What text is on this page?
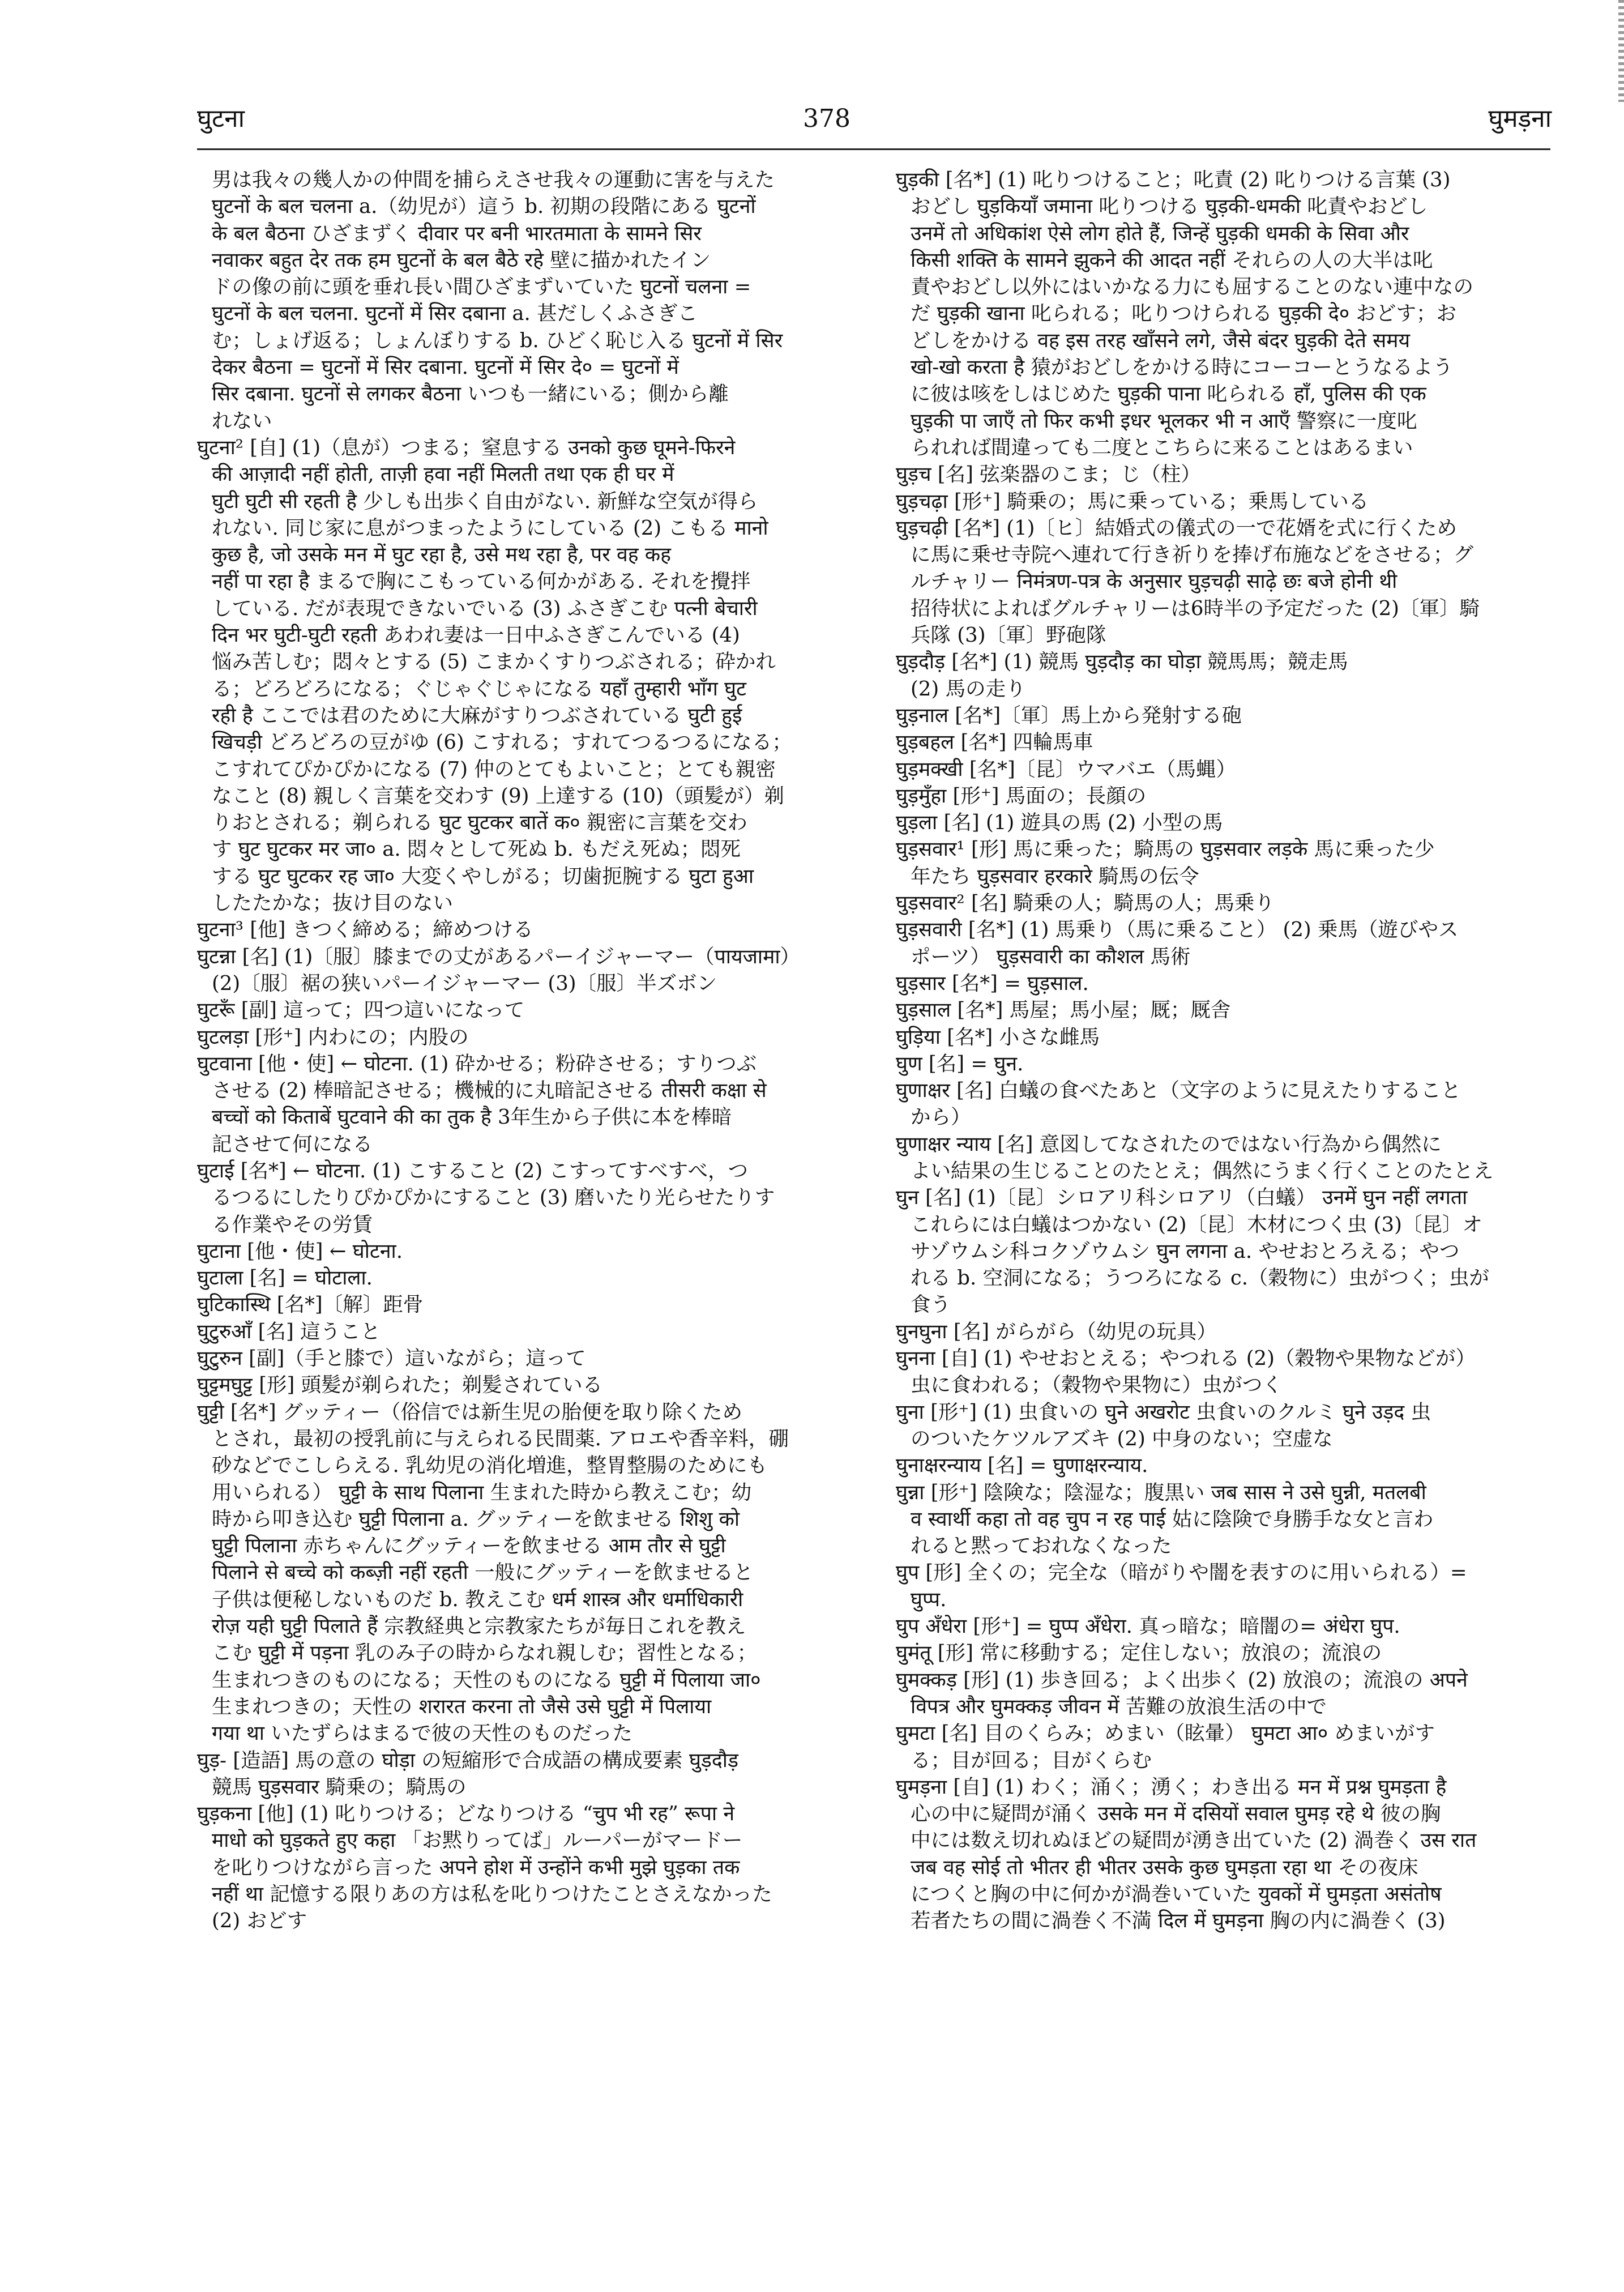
घुटना	378	घुमड़ना
男は我々の幾人かの仲間を捕らえさせ我々の運動に害を与えた
घुटनों के बल चलना a.（幼児が）這う b. 初期の段階にある घुटनों
के बल बैठना ひざまずく दीवार पर बनी भारतमाता के सामने सिर
नवाकर बहुत देर तक हम घुटनों के बल बैठे रहे 壁に描かれたイン
ドの像の前に頭を垂れ長い間ひざまずいていた घुटनों चलना =
घुटनों के बल चलना. घुटनों में सिर दबाना a. 甚だしくふさぎこ
む；しょげ返る；しょんぼりする b. ひどく恥じ入る घुटनों में सिर
देकर बैठना = घुटनों में सिर दबाना. घुटनों में सिर दे० = घुटनों में
सिर दबाना. घुटनों से लगकर बैठना いつも一緒にいる；側から離
れない
घुटना² [自] (1)（息が）つまる；窒息する उनको कुछ घूमने-फिरने
की आज़ादी नहीं होती, ताज़ी हवा नहीं मिलती तथा एक ही घर में
घुटी घुटी सी रहती है 少しも出歩く自由がない. 新鮮な空気が得ら
れない. 同じ家に息がつまったようにしている (2) こもる मानो
कुछ है, जो उसके मन में घुट रहा है, उसे मथ रहा है, पर वह कह
नहीं पा रहा है まるで胸にこもっている何かがある. それを攪拌
している. だが表現できないでいる (3) ふさぎこむ पत्नी बेचारी
दिन भर घुटी-घुटी रहती あわれ妻は一日中ふさぎこんでいる (4)
悩み苦しむ；悶々とする (5) こまかくすりつぶされる；砕かれ
る；どろどろになる；ぐじゃぐじゃになる यहाँ तुम्हारी भाँग घुट
रही है ここでは君のために大麻がすりつぶされている घुटी हुई
खिचड़ी どろどろの豆がゆ (6) こすれる；すれてつるつるになる；
こすれてぴかぴかになる (7) 仲のとてもよいこと；とても親密
なこと (8) 親しく言葉を交わす (9) 上達する (10)（頭髪が）剃
りおとされる；剃られる घुट घुटकर बातें क० 親密に言葉を交わ
す घुट घुटकर मर जा० a. 悶々として死ぬ b. もだえ死ぬ；悶死
する घुट घुटकर रह जा० 大変くやしがる；切歯扼腕する घुटा हुआ
したたかな；抜け目のない
घुटना³ [他] きつく締める；締めつける
घुटन्ना [名] (1)〔服〕膝までの丈があるパーイジャーマー（पायजामा）
(2)〔服〕裾の狭いパーイジャーマー (3)〔服〕半ズボン
घुटरूँ [副] 這って；四つ這いになって
घुटलड़ा [形⁺] 内わにの；内股の
घुटवाना [他・使] ← घोटना. (1) 砕かせる；粉砕させる；すりつぶ
させる (2) 棒暗記させる；機械的に丸暗記させる तीसरी कक्षा से
बच्चों को किताबें घुटवाने की का तुक है 3年生から子供に本を棒暗
記させて何になる
घुटाई [名*] ← घोटना. (1) こすること (2) こすってすべすべ，つ
るつるにしたりぴかぴかにすること (3) 磨いたり光らせたりす
る作業やその労賃
घुटाना [他・使] ← घोटना.
घुटाला [名] = घोटाला.
घुटिकास्थि [名*]〔解〕距骨
घुटुरुआँ [名] 這うこと
घुटुरुन [副]（手と膝で）這いながら；這って
घुट्टमघुट्ट [形] 頭髪が剃られた；剃髪されている
घुट्टी [名*] グッティー（俗信では新生児の胎便を取り除くため
とされ，最初の授乳前に与えられる民間薬. アロエや香辛料，硼
砂などでこしらえる. 乳幼児の消化増進，整胃整腸のためにも
用いられる） घुट्टी के साथ पिलाना 生まれた時から教えこむ；幼
時から叩き込む घुट्टी पिलाना a. グッティーを飲ませる शिशु को
घुट्टी पिलाना 赤ちゃんにグッティーを飲ませる आम तौर से घुट्टी
पिलाने से बच्चे को कब्ज़ी नहीं रहती 一般にグッティーを飲ませると
子供は便秘しないものだ b. 教えこむ धर्म शास्त्र और धर्माधिकारी
रोज़ यही घुट्टी पिलाते हैं 宗教経典と宗教家たちが毎日これを教え
こむ घुट्टी में पड़ना 乳のみ子の時からなれ親しむ；習性となる；
生まれつきのものになる；天性のものになる घुट्टी में पिलाया जा०
生まれつきの；天性の शरारत करना तो जैसे उसे घुट्टी में पिलाया
गया था いたずらはまるで彼の天性のものだった
घुड़- [造語] 馬の意の घोड़ा の短縮形で合成語の構成要素 घुड़दौड़
競馬 घुड़सवार 騎乗の；騎馬の
घुड़कना [他] (1) 叱りつける；どなりつける “चुप भी रह” रूपा ने
माधो को घुड़कते हुए कहा 「お黙りってば」ルーパーがマードー
を叱りつけながら言った अपने होश में उन्होंने कभी मुझे घुड़का तक
नहीं था 記憶する限りあの方は私を叱りつけたことさえなかった
(2) おどす
घुड़की [名*] (1) 叱りつけること；叱責 (2) 叱りつける言葉 (3)
おどし घुड़कियाँ जमाना 叱りつける घुड़की-धमकी 叱責やおどし
उनमें तो अधिकांश ऐसे लोग होते हैं, जिन्हें घुड़की धमकी के सिवा और
किसी शक्ति के सामने झुकने की आदत नहीं それらの人の大半は叱
責やおどし以外にはいかなる力にも屈することのない連中なの
だ घुड़की खाना 叱られる；叱りつけられる घुड़की दे० おどす；お
どしをかける वह इस तरह खाँसने लगे, जैसे बंदर घुड़की देते समय
खो-खो करता है 猿がおどしをかける時にコーコーとうなるよう
に彼は咳をしはじめた घुड़की पाना 叱られる हाँ, पुलिस की एक
घुड़की पा जाएँ तो फिर कभी इधर भूलकर भी न आएँ 警察に一度叱
られれば間違っても二度とこちらに来ることはあるまい
घुड़च [名] 弦楽器のこま；じ（柱）
घुड़चढ़ा [形⁺] 騎乗の；馬に乗っている；乗馬している
घुड़चढ़ी [名*] (1)〔ヒ〕結婚式の儀式の一で花婿を式に行くため
に馬に乗せ寺院へ連れて行き祈りを捧げ布施などをさせる；グ
ルチャリー निमंत्रण-पत्र के अनुसार घुड़चढ़ी साढ़े छः बजे होनी थी
招待状によればグルチャリーは6時半の予定だった (2)〔軍〕騎
兵隊 (3)〔軍〕野砲隊
घुड़दौड़ [名*] (1) 競馬 घुड़दौड़ का घोड़ा 競馬馬；競走馬
(2) 馬の走り
घुड़नाल [名*]〔軍〕馬上から発射する砲
घुड़बहल [名*] 四輪馬車
घुड़मक्खी [名*]〔昆〕ウマバエ（馬蝿）
घुड़मुँहा [形⁺] 馬面の；長顔の
घुड़ला [名] (1) 遊具の馬 (2) 小型の馬
घुड़सवार¹ [形] 馬に乗った；騎馬の घुड़सवार लड़के 馬に乗った少
年たち घुड़सवार हरकारे 騎馬の伝令
घुड़सवार² [名] 騎乗の人；騎馬の人；馬乗り
घुड़सवारी [名*] (1) 馬乗り（馬に乗ること） (2) 乗馬（遊びやス
ポーツ） घुड़सवारी का कौशल 馬術
घुड़सार [名*] = घुड़साल.
घुड़साल [名*] 馬屋；馬小屋；厩；厩舎
घुड़िया [名*] 小さな雌馬
घुण [名] = घुन.
घुणाक्षर [名] 白蟻の食べたあと（文字のように見えたりすること
から）
घुणाक्षर न्याय [名] 意図してなされたのではない行為から偶然に
よい結果の生じることのたとえ；偶然にうまく行くことのたとえ
घुन [名] (1)〔昆〕シロアリ科シロアリ（白蟻） उनमें घुन नहीं लगता
これらには白蟻はつかない (2)〔昆〕木材につく虫 (3)〔昆〕オ
サゾウムシ科コクゾウムシ घुन लगना a. やせおとろえる；やつ
れる b. 空洞になる；うつろになる c.（穀物に）虫がつく；虫が
食う
घुनघुना [名] がらがら（幼児の玩具）
घुनना [自] (1) やせおとえる；やつれる (2)（穀物や果物などが）
虫に食われる；（穀物や果物に）虫がつく
घुना [形⁺] (1) 虫食いの घुने अखरोट 虫食いのクルミ घुने उड़द 虫
のついたケツルアズキ (2) 中身のない；空虚な
घुनाक्षरन्याय [名] = घुणाक्षरन्याय.
घुन्ना [形⁺] 陰険な；陰湿な；腹黒い जब सास ने उसे घुन्नी, मतलबी
व स्वार्थी कहा तो वह चुप न रह पाई 姑に陰険で身勝手な女と言わ
れると黙っておれなくなった
घुप [形] 全くの；完全な（暗がりや闇を表すのに用いられる）=
घुप्प.
घुप अँधेरा [形⁺] = घुप्प अँधेरा. 真っ暗な；暗闇の= अंधेरा घुप.
घुमंतू [形] 常に移動する；定住しない；放浪の；流浪の
घुमक्कड़ [形] (1) 歩き回る；よく出歩く (2) 放浪の；流浪の अपने
विपत्र और घुमक्कड़ जीवन में 苦難の放浪生活の中で
घुमटा [名] 目のくらみ；めまい（眩暈） घुमटा आ० めまいがす
る；目が回る；目がくらむ
घुमड़ना [自] (1) わく；涌く；湧く；わき出る मन में प्रश्न घुमड़ता है
心の中に疑問が涌く उसके मन में दसियों सवाल घुमड़ रहे थे 彼の胸
中には数え切れぬほどの疑問が湧き出ていた (2) 渦巻く उस रात
जब वह सोई तो भीतर ही भीतर उसके कुछ घुमड़ता रहा था その夜床
につくと胸の中に何かが渦巻いていた युवकों में घुमड़ता असंतोष
若者たちの間に渦巻く不満 दिल में घुमड़ना 胸の内に渦巻く (3)
